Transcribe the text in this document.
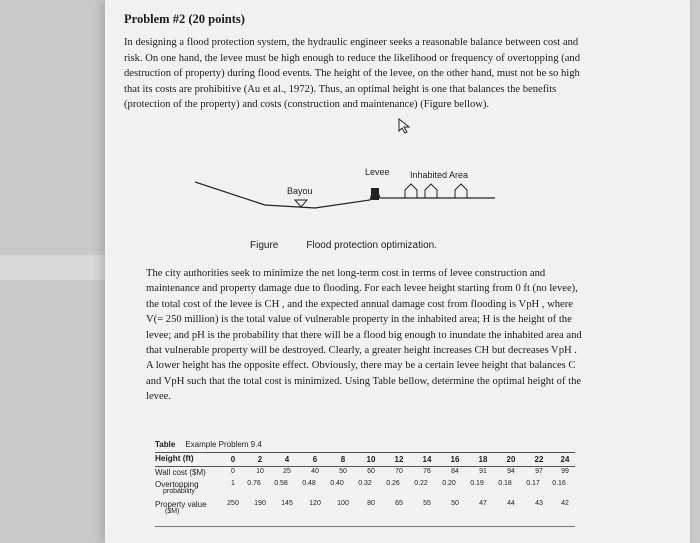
Problem #2 (20 points)
In designing a flood protection system, the hydraulic engineer seeks a reasonable balance between cost and risk. On one hand, the levee must be high enough to reduce the likelihood or frequency of overtopping (and destruction of property) during flood events. The height of the levee, on the other hand, must not be so high that its costs are prohibitive (Au et al., 1972). Thus, an optimal height is one that balances the benefits (protection of the property) and costs (construction and maintenance) (Figure bellow).
Levee Inhabited Area
Bayou
Figure	Flood protection optimization.
The city authorities seek to minimize the net long-term cost in terms of levee construction and maintenance and property damage due to flooding. For each levee height starting from 0 ft (no levee), the total cost of the levee is CH , and the expected annual damage cost from flooding is VpH , where V(= 250 million) is the total value of vulnerable property in the inhabited area; H is the height of the levee; and pH is the probability that there will be a flood big enough to inundate the inhabited area and that vulnerable property will be destroyed. Clearly, a greater height increases CH but decreases VpH . A lower height has the opposite effect. Obviously, there may be a certain levee height that balances C and VpH such that the total cost is minimized. Using Table bellow, determine the optimal height of the levee.
Table Example Problem 9.4
Height (ft)	0	2	4	6	8	10	12	14	16	18	20	22	24
Wall cost ($M)	0	10	25	40	50	60	70	76	84	91	94	97	99
Overtopping	1	0.76	0.58	0.48	0.40	0.32	0.26	0.22	0.20	0.19	0.18	0.17	0.16
probability
Property value	250	190	145	120	100	80	65	55	50	47	44	43	42
($M)
